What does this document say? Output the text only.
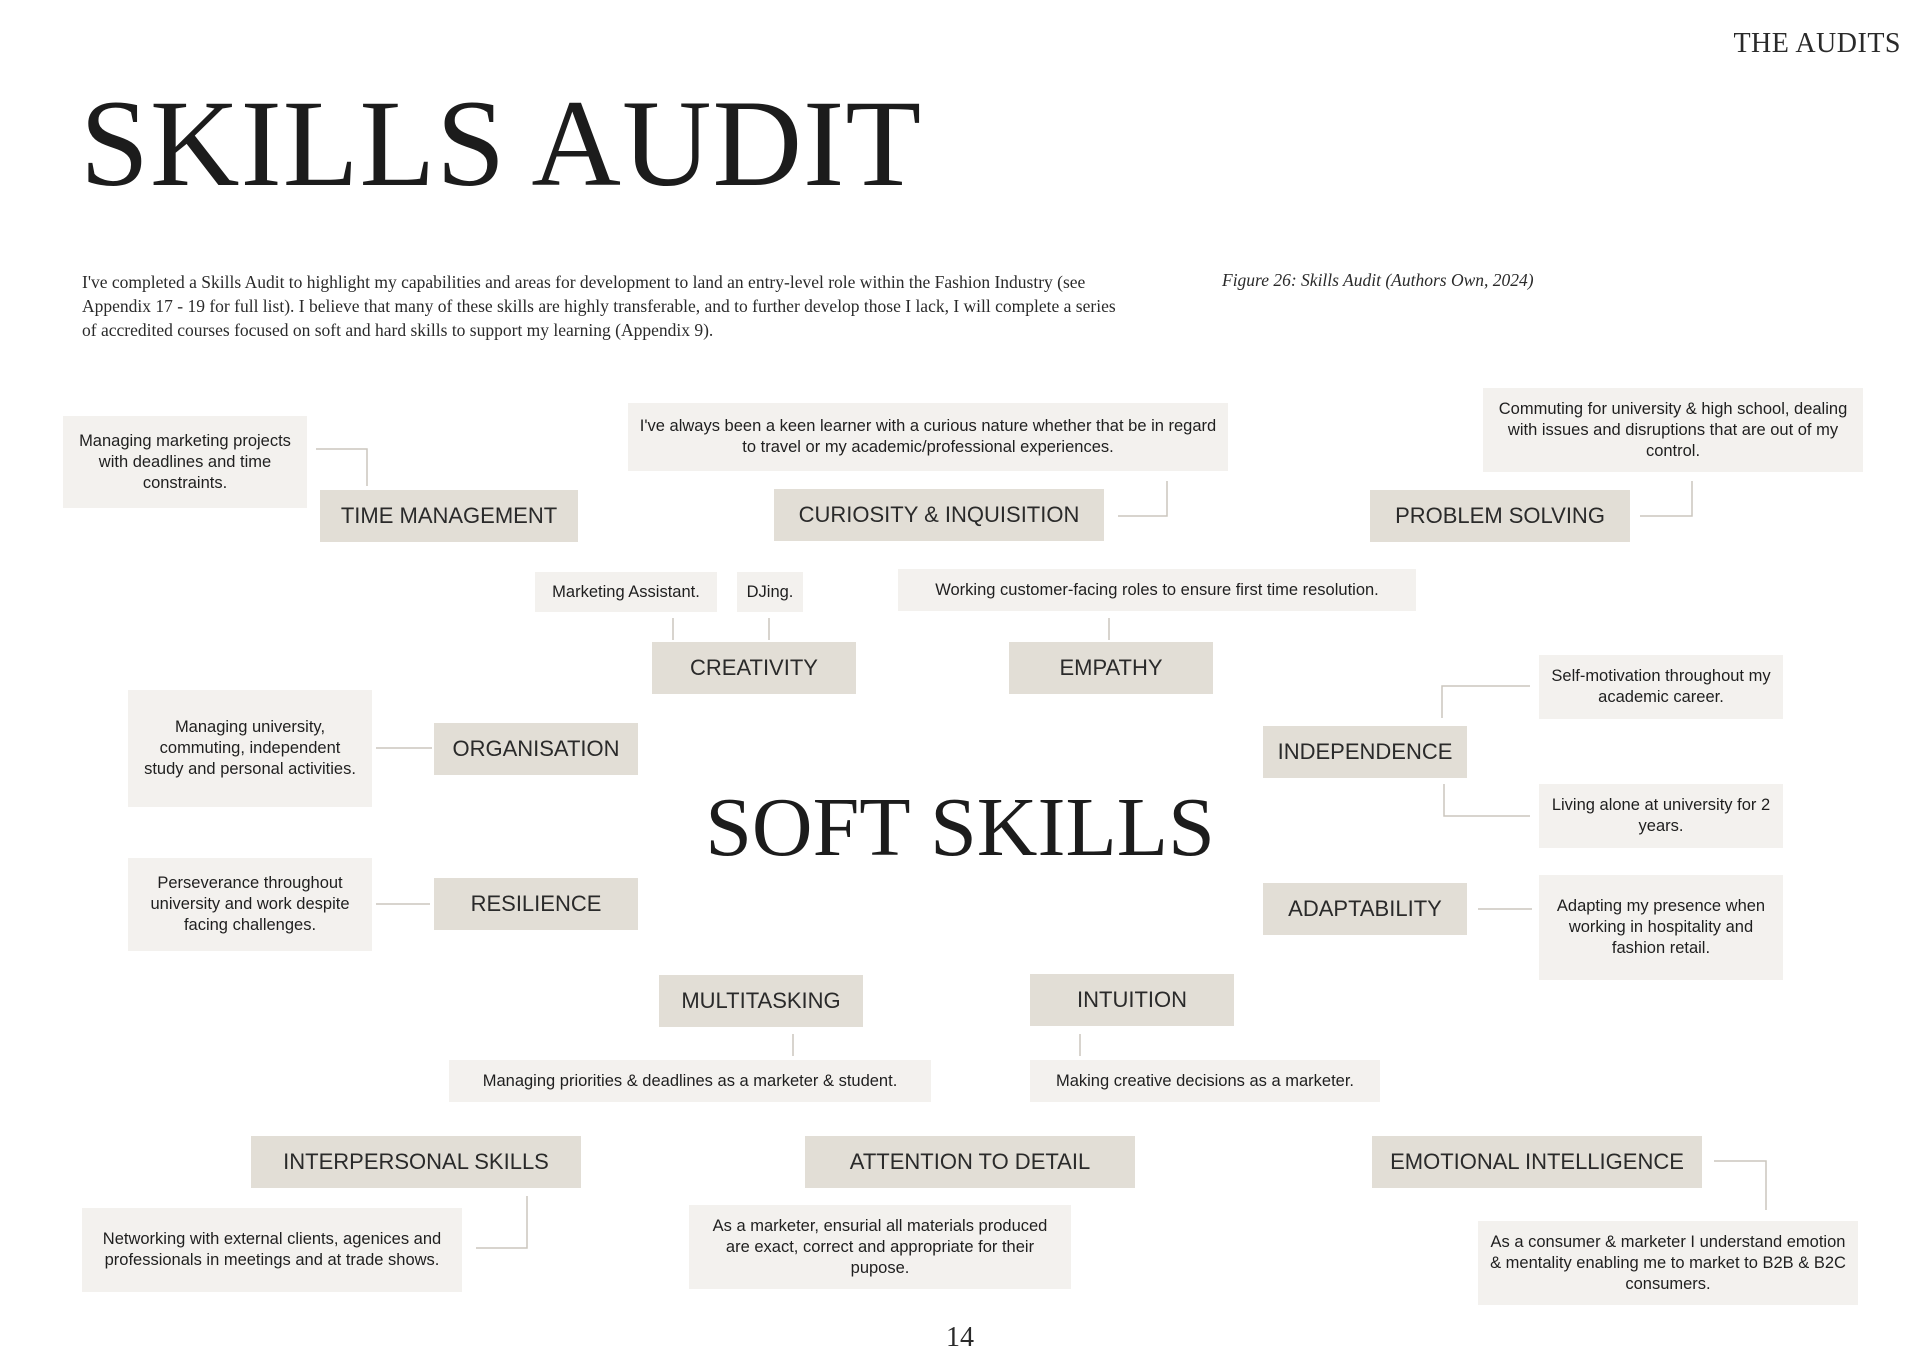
THE AUDITS
SKILLS AUDIT
I've completed a Skills Audit to highlight my capabilities and areas for development to land an entry-level role within the Fashion Industry (see Appendix 17 - 19 for full list). I believe that many of these skills are highly transferable, and to further develop those I lack, I will complete a series of accredited courses focused on soft and hard skills to support my learning (Appendix 9).
Figure 26: Skills Audit (Authors Own, 2024)
TIME MANAGEMENT	CURIOSITY & INQUISITION	PROBLEM SOLVING
CREATIVITY	EMPATHY
ORGANISATION	INDEPENDENCE
RESILIENCE	ADAPTABILITY
MULTITASKING	INTUITION
INTERPERSONAL SKILLS	ATTENTION TO DETAIL	EMOTIONAL INTELLIGENCE
Managing marketing projects with deadlines and time constraints.
I've always been a keen learner with a curious nature whether that be in regard to travel or my academic/professional experiences.
Commuting for university & high school, dealing with issues and disruptions that are out of my control.
Marketing Assistant.	DJing.	Working customer-facing roles to ensure first time resolution.
Managing university, commuting, independent study and personal activities.
Self-motivation throughout my academic career.
Living alone at university for 2 years.
Perseverance throughout university and work despite facing challenges.
Adapting my presence when working in hospitality and fashion retail.
Managing priorities & deadlines as a marketer & student.	Making creative decisions as a marketer.
Networking with external clients, agenices and professionals in meetings and at trade shows.
As a marketer, ensurial all materials produced are exact, correct and appropriate for their pupose.
As a consumer & marketer I understand emotion & mentality enabling me to market to B2B & B2C consumers.
SOFT SKILLS
14
